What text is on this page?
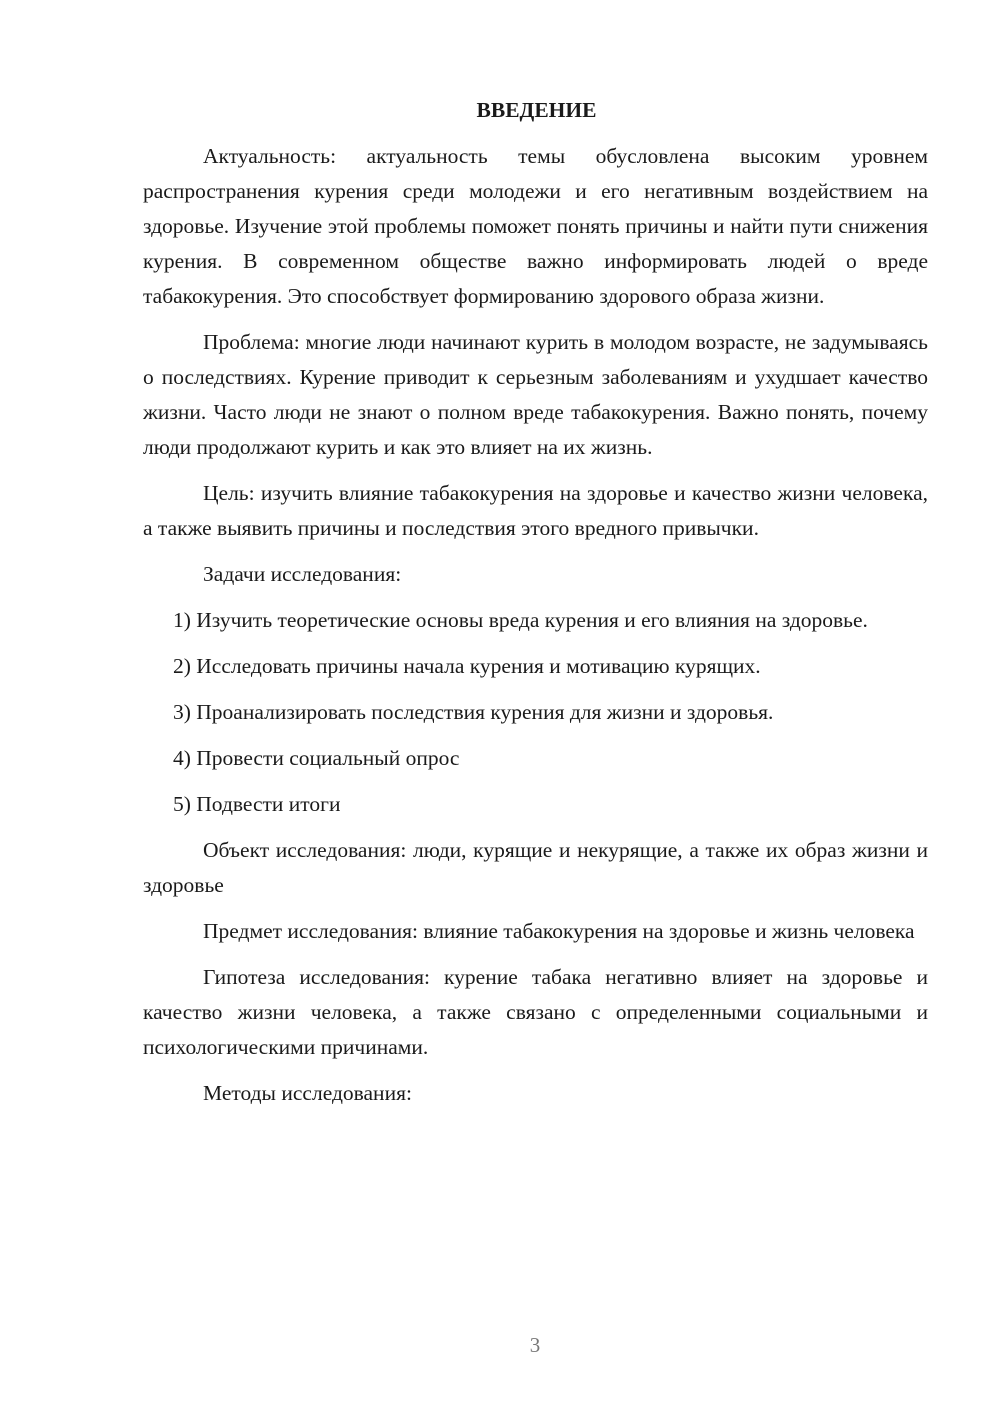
ВВЕДЕНИЕ

Актуальность: актуальность темы обусловлена высоким уровнем распространения курения среди молодежи и его негативным воздействием на здоровье. Изучение этой проблемы поможет понять причины и найти пути снижения курения. В современном обществе важно информировать людей о вреде табакокурения. Это способствует формированию здорового образа жизни.

Проблема: многие люди начинают курить в молодом возрасте, не задумываясь о последствиях. Курение приводит к серьезным заболеваниям и ухудшает качество жизни. Часто люди не знают о полном вреде табакокурения. Важно понять, почему люди продолжают курить и как это влияет на их жизнь.

Цель: изучить влияние табакокурения на здоровье и качество жизни человека, а также выявить причины и последствия этого вредного привычки.

Задачи исследования:

1) Изучить теоретические основы вреда курения и его влияния на здоровье.

2) Исследовать причины начала курения и мотивацию курящих.

3) Проанализировать последствия курения для жизни и здоровья.

4) Провести социальный опрос

5) Подвести итоги

Объект исследования: люди, курящие и некурящие, а также их образ жизни и здоровье

Предмет исследования: влияние табакокурения на здоровье и жизнь человека

Гипотеза исследования: курение табака негативно влияет на здоровье и качество жизни человека, а также связано с определенными социальными и психологическими причинами.

Методы исследования:

3
